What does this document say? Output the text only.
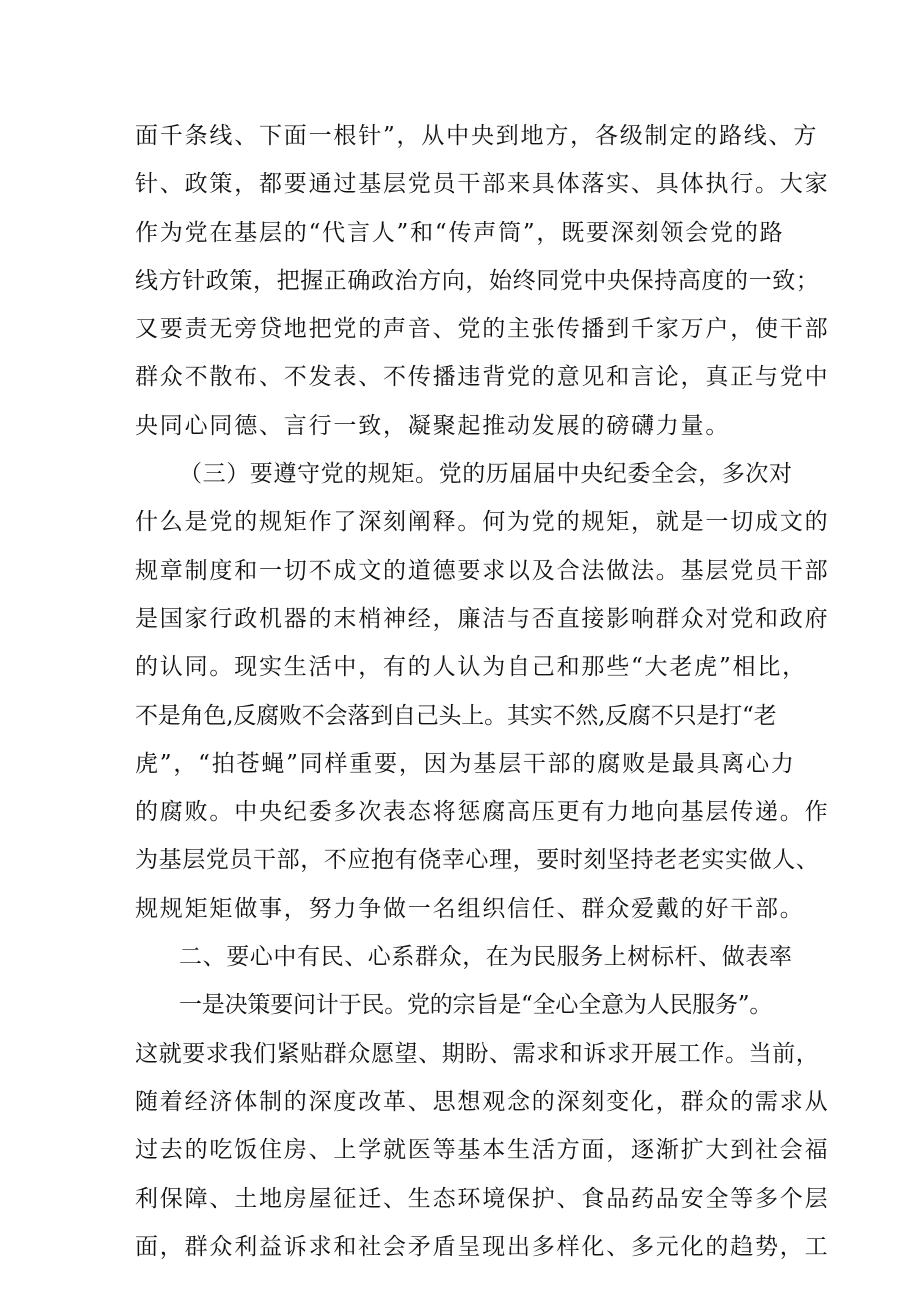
面千条线、下面一根针”，从中央到地方，各级制定的路线、方
针、政策，都要通过基层党员干部来具体落实、具体执行。大家
作为党在基层的“代言人”和“传声筒”，既要深刻领会党的路
线方针政策，把握正确政治方向，始终同党中央保持高度的一致；
又要责无旁贷地把党的声音、党的主张传播到千家万户，使干部
群众不散布、不发表、不传播违背党的意见和言论，真正与党中
央同心同德、言行一致，凝聚起推动发展的磅礴力量。
（三）要遵守党的规矩。党的历届届中央纪委全会，多次对
什么是党的规矩作了深刻阐释。何为党的规矩，就是一切成文的
规章制度和一切不成文的道德要求以及合法做法。基层党员干部
是国家行政机器的末梢神经，廉洁与否直接影响群众对党和政府
的认同。现实生活中，有的人认为自己和那些“大老虎”相比，
不是角色,反腐败不会落到自己头上。其实不然,反腐不只是打“老
虎”，“拍苍蝇”同样重要，因为基层干部的腐败是最具离心力
的腐败。中央纪委多次表态将惩腐高压更有力地向基层传递。作
为基层党员干部，不应抱有侥幸心理，要时刻坚持老老实实做人、
规规矩矩做事，努力争做一名组织信任、群众爱戴的好干部。
二、要心中有民、心系群众，在为民服务上树标杆、做表率
一是决策要问计于民。党的宗旨是“全心全意为人民服务”。
这就要求我们紧贴群众愿望、期盼、需求和诉求开展工作。当前，
随着经济体制的深度改革、思想观念的深刻变化，群众的需求从
过去的吃饭住房、上学就医等基本生活方面，逐渐扩大到社会福
利保障、土地房屋征迁、生态环境保护、食品药品安全等多个层
面，群众利益诉求和社会矛盾呈现出多样化、多元化的趋势，工
